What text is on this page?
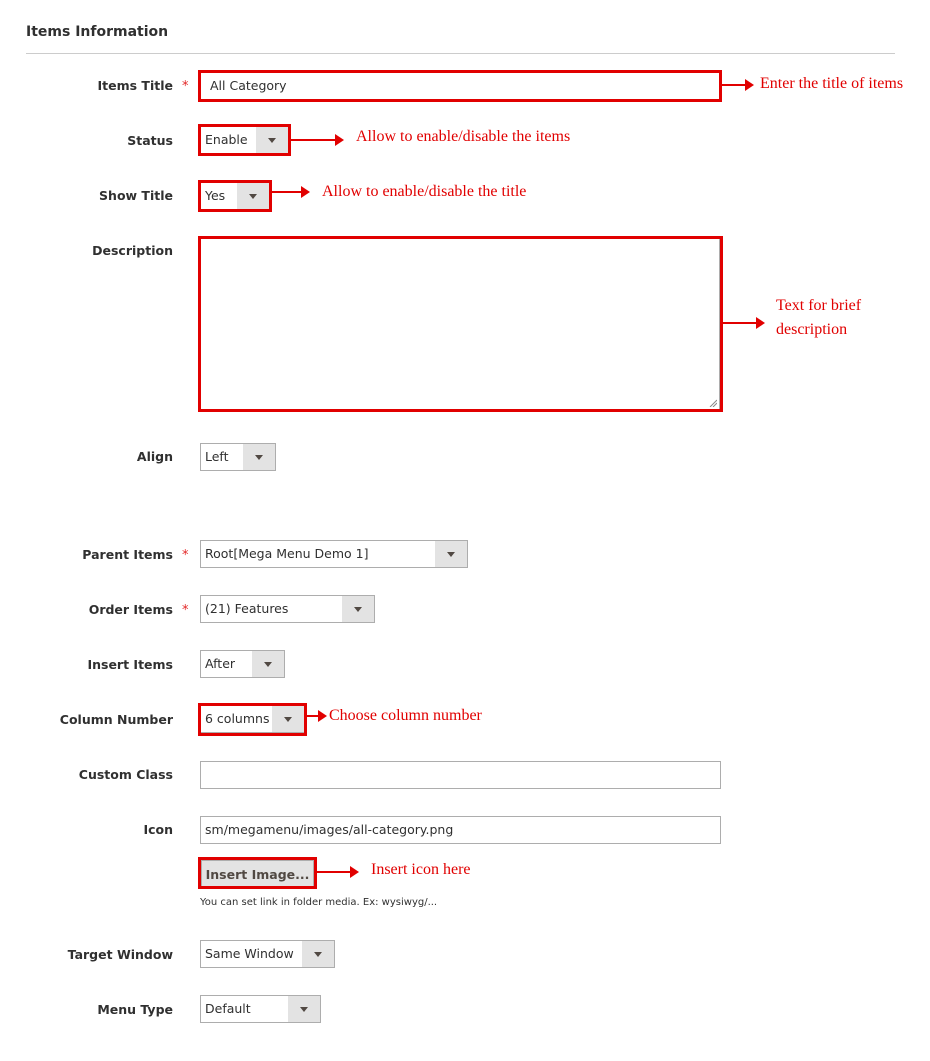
Items Information
Items Title *	All Category	Enter the title of items
Status	Enable	Allow to enable/disable the items
Show Title	Yes	Allow to enable/disable the title
Description
Text for brief
description
Align	Left
Parent Items * Root[Mega Menu Demo 1]
Order Items * (21) Features
Insert Items	After
Column Number	6 columns	Choose column number
Custom Class
Icon	sm/megamenu/images/all-category.png
Insert Image...	Insert icon here
You can set link in folder media. Ex: wysiwyg/...
Target Window	Same Window
Menu Type	Default
